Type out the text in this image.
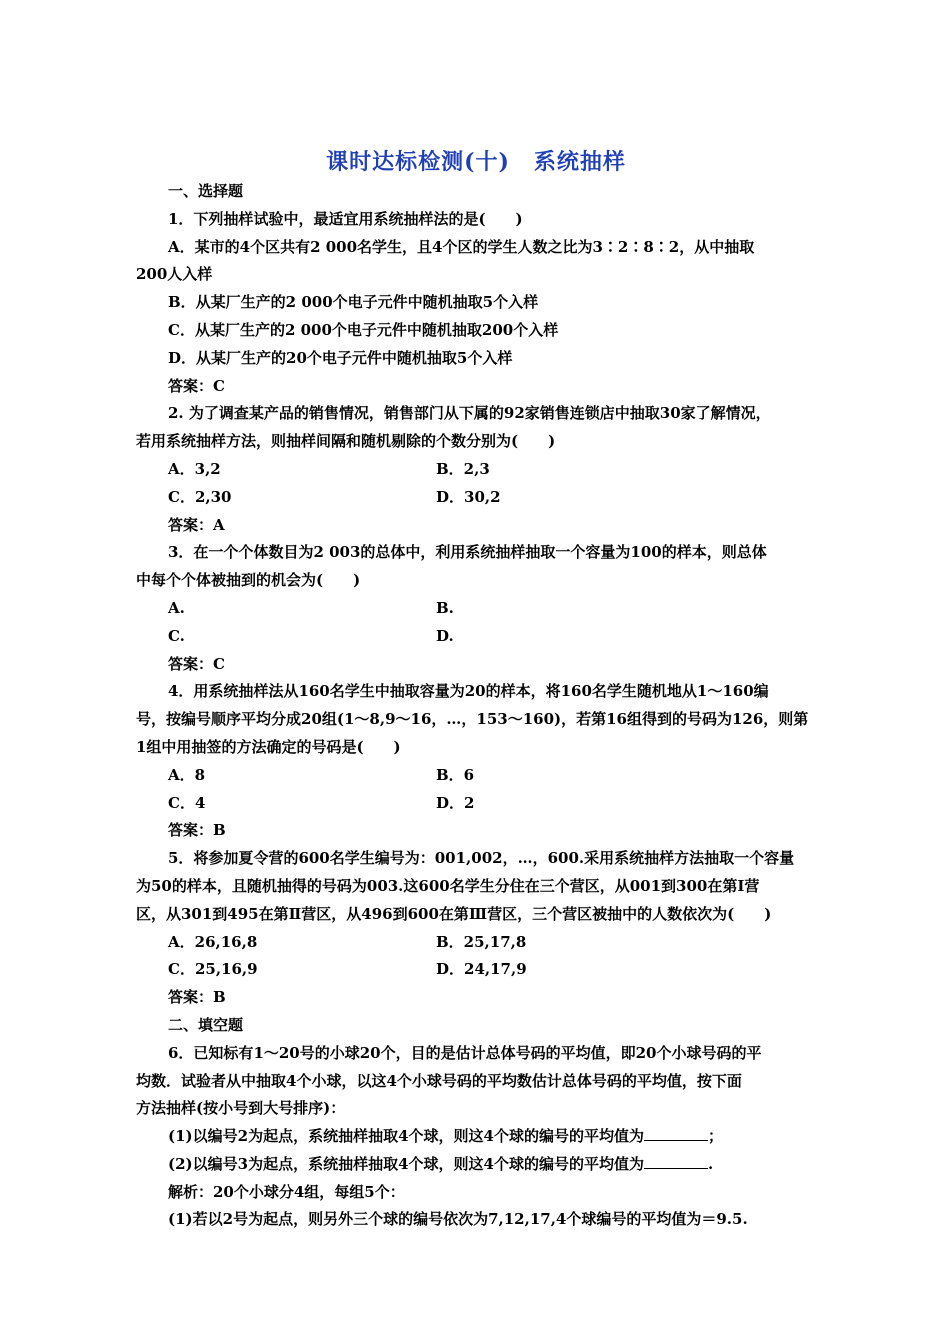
课时达标检测(十) 系统抽样
一、选择题
1．下列抽样试验中，最适宜用系统抽样法的是(　　)
A．某市的4个区共有2 000名学生，且4个区的学生人数之比为3∶2∶8∶2，从中抽取
200人入样
B．从某厂生产的2 000个电子元件中随机抽取5个入样
C．从某厂生产的2 000个电子元件中随机抽取200个入样
D．从某厂生产的20个电子元件中随机抽取5个入样
答案：C
2. 为了调查某产品的销售情况，销售部门从下属的92家销售连锁店中抽取30家了解情况，
若用系统抽样方法，则抽样间隔和随机剔除的个数分别为(　　)
A．3,2	B．2,3
C．2,30	D．30,2
答案：A
3．在一个个体数目为2 003的总体中，利用系统抽样抽取一个容量为100的样本，则总体
中每个个体被抽到的机会为(　　)
A.	B.
C.	D.
答案：C
4．用系统抽样法从160名学生中抽取容量为20的样本，将160名学生随机地从1～160编
号，按编号顺序平均分成20组(1～8,9～16，…，153～160)，若第16组得到的号码为126，则第
1组中用抽签的方法确定的号码是(　　)
A．8	B．6
C．4	D．2
答案：B
5．将参加夏令营的600名学生编号为：001,002，…，600.采用系统抽样方法抽取一个容量
为50的样本，且随机抽得的号码为003.这600名学生分住在三个营区，从001到300在第Ⅰ营
区，从301到495在第Ⅱ营区，从496到600在第Ⅲ营区，三个营区被抽中的人数依次为(　　)
A．26,16,8	B．25,17,8
C．25,16,9	D．24,17,9
答案：B
二、填空题
6．已知标有1～20号的小球20个，目的是估计总体号码的平均值，即20个小球号码的平
均数．试验者从中抽取4个小球，以这4个小球号码的平均数估计总体号码的平均值，按下面
方法抽样(按小号到大号排序)：
(1)以编号2为起点，系统抽样抽取4个球，则这4个球的编号的平均值为	；
(2)以编号3为起点，系统抽样抽取4个球，则这4个球的编号的平均值为	.
解析：20个小球分4组，每组5个：
(1)若以2号为起点，则另外三个球的编号依次为7,12,17,4个球编号的平均值为＝9.5.
